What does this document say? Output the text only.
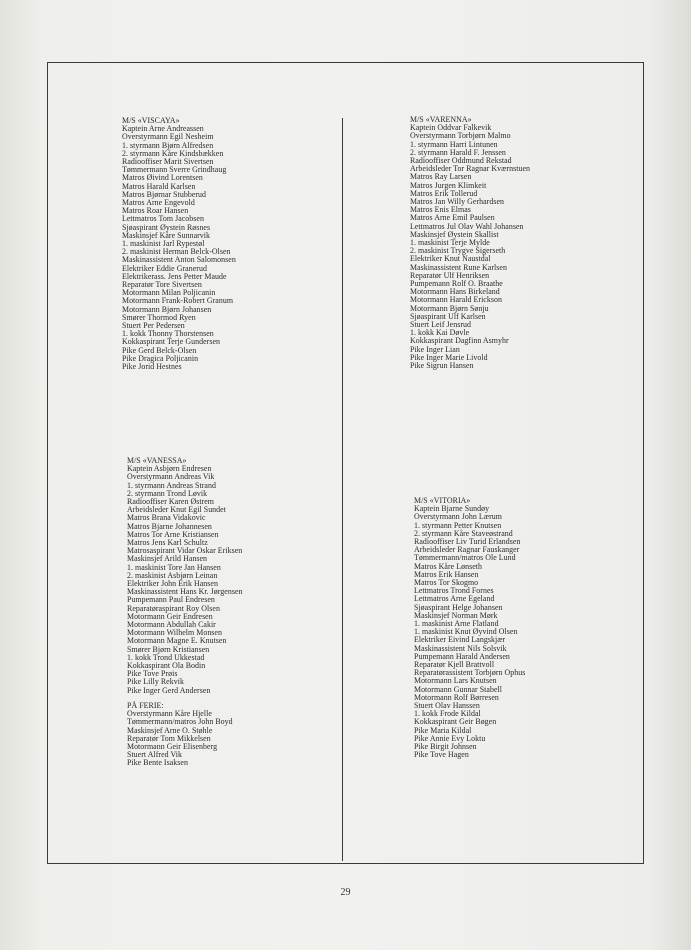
M/S «VISCAYA»
Kaptein Arne Andreassen
Overstyrmann Egil Nesheim
1. styrmann Bjørn Alfredsen
2. styrmann Kåre Kindsbækken
Radiooffiser Marit Sivertsen
Tømmermann Sverre Grindhaug
Matros Øivind Lorentsen
Matros Harald Karlsen
Matros Bjørnar Stubberud
Matros Arne Engevold
Matros Roar Hansen
Lettmatros Tom Jacobsen
Sjøaspirant Øystein Røsnes
Maskinsjef Kåre Sunnarvik
1. maskinist Jarl Rypestøl
2. maskinist Herman Belck-Olsen
Maskinassistent Anton Salomonsen
Elektriker Eddie Granerud
Elektrikerass. Jens Petter Maude
Reparatør Tore Sivertsen
Motormann Milan Poljicanin
Motormann Frank-Robert Granum
Motormann Bjørn Johansen
Smører Thormod Ryen
Stuert Per Pedersen
1. kokk Thonny Thorstensen
Kokkaspirant Terje Gundersen
Pike Gerd Belck-Olsen
Pike Dragica Poljicanin
Pike Jorid Hestnes
M/S «VARENNA»
Kaptein Oddvar Falkevik
Overstyrmann Torbjørn Malmo
1. styrmann Harri Lintunen
2. styrmann Harald F. Jenssen
Radiooffiser Oddmund Rekstad
Arbeidsleder Tor Ragnar Kværnstuen
Matros Ray Larsen
Matros Jurgen Klimkeit
Matros Erik Tollerud
Matros Jan Willy Gerhardsen
Matros Enis Elmas
Matros Arne Emil Paulsen
Lettmatros Jul Olav Wahl Johansen
Maskinsjef Øystein Skallist
1. maskinist Terje Mylde
2. maskinist Trygve Sigerseth
Elektriker Knut Naustdal
Maskinassistent Rune Karlsen
Reparatør Ulf Henriksen
Pumpemann Rolf O. Braathe
Motormann Hans Birkeland
Motormann Harald Erickson
Motormann Bjørn Sønju
Sjøaspirant Ulf Karlsen
Stuert Leif Jensrud
1. kokk Kai Døvle
Kokkaspirant Dagfinn Asmyhr
Pike Inger Lian
Pike Inger Marie Livold
Pike Sigrun Hansen
M/S «VANESSA»
Kaptein Asbjørn Endresen
Overstyrmann Andreas Vik
1. styrmann Andreas Strand
2. styrmann Trond Løvik
Radiooffiser Karen Østrem
Arbeidsleder Knut Egil Sundet
Matros Brana Vidakovic
Matros Bjarne Johannesen
Matros Tor Arne Kristiansen
Matros Jens Karl Schultz
Matrosaspirant Vidar Oskar Eriksen
Maskinsjef Arild Hansen
1. maskinist Tore Jan Hansen
2. maskinist Asbjørn Leinan
Elektriker John Erik Hansen
Maskinassistent Hans Kr. Jørgensen
Pumpemann Paul Endresen
Reparatøraspirant Roy Olsen
Motormann Geir Endresen
Motormann Abdullah Cakir
Motormann Wilhelm Monsen
Motormann Magne E. Knutsen
Smører Bjørn Kristiansen
1. kokk Trond Ukkestad
Kokkaspirant Ola Bodin
Pike Tove Prøis
Pike Lilly Rekvik
Pike Inger Gerd Andersen
PÅ FERIE:
Overstyrmann Kåre Hjelle
Tømmermann/matros John Boyd
Maskinsjef Arne O. Støhle
Reparatør Tom Mikkelsen
Motormann Geir Elisenberg
Stuert Alfred Vik
Pike Bente Isaksen
M/S «VITORIA»
Kaptein Bjarne Sundøy
Overstyrmann John Lærum
1. styrmann Petter Knutsen
2. styrmann Kåre Staveøstrand
Radiooffiser Liv Turid Erlandsen
Arbeidsleder Ragnar Fauskanger
Tømmermann/matros Ole Lund
Matros Kåre Lønseth
Matros Erik Hansen
Matros Tor Skogmo
Lettmatros Trond Fornes
Lettmatros Arne Egeland
Sjøaspirant Helge Johansen
Maskinsjef Norman Mørk
1. maskinist Arne Flatland
1. maskinist Knut Øyvind Olsen
Elektriker Eivind Langskjær
Maskinassistent Nils Solsvik
Pumpemann Harald Andersen
Reparatør Kjell Brattvoll
Reparatørassistent Torbjørn Ophus
Motormann Lars Knutsen
Motormann Gunnar Stabell
Motormann Rolf Børresen
Stuert Olav Hanssen
1. kokk Frode Kildal
Kokkaspirant Geir Bøgen
Pike Maria Kildal
Pike Annie Evy Loktu
Pike Birgit Johnsen
Pike Tove Hagen
29
